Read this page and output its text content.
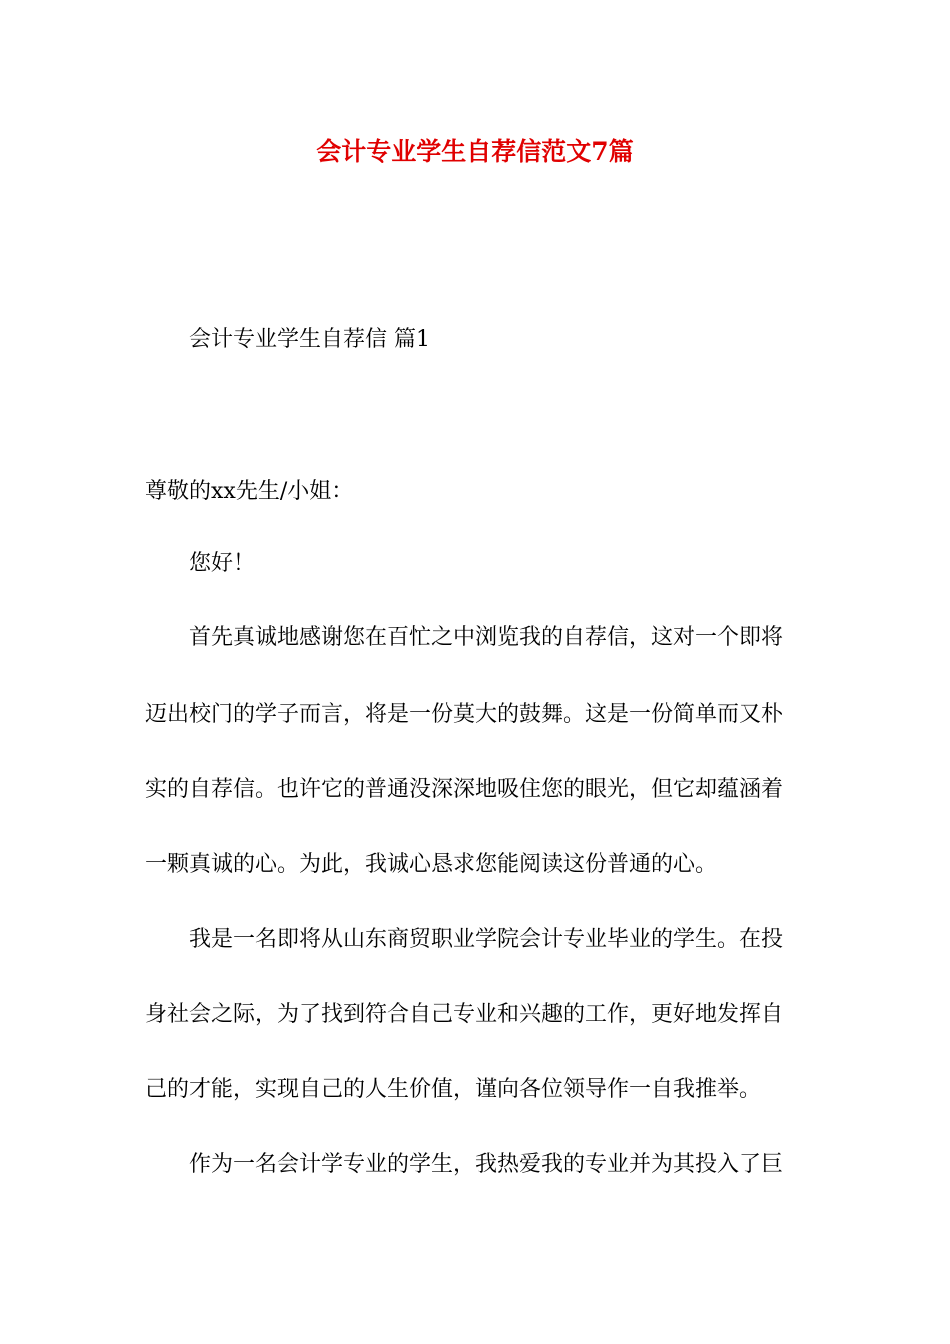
会计专业学生自荐信范文7篇
会计专业学生自荐信 篇1
尊敬的xx先生/小姐：
您好！
首先真诚地感谢您在百忙之中浏览我的自荐信，这对一个即将
迈出校门的学子而言，将是一份莫大的鼓舞。这是一份简单而又朴
实的自荐信。也许它的普通没深深地吸住您的眼光，但它却蕴涵着
一颗真诚的心。为此，我诚心恳求您能阅读这份普通的心。
我是一名即将从山东商贸职业学院会计专业毕业的学生。在投
身社会之际，为了找到符合自己专业和兴趣的工作，更好地发挥自
己的才能，实现自己的人生价值，谨向各位领导作一自我推举。
作为一名会计学专业的学生，我热爱我的专业并为其投入了巨
